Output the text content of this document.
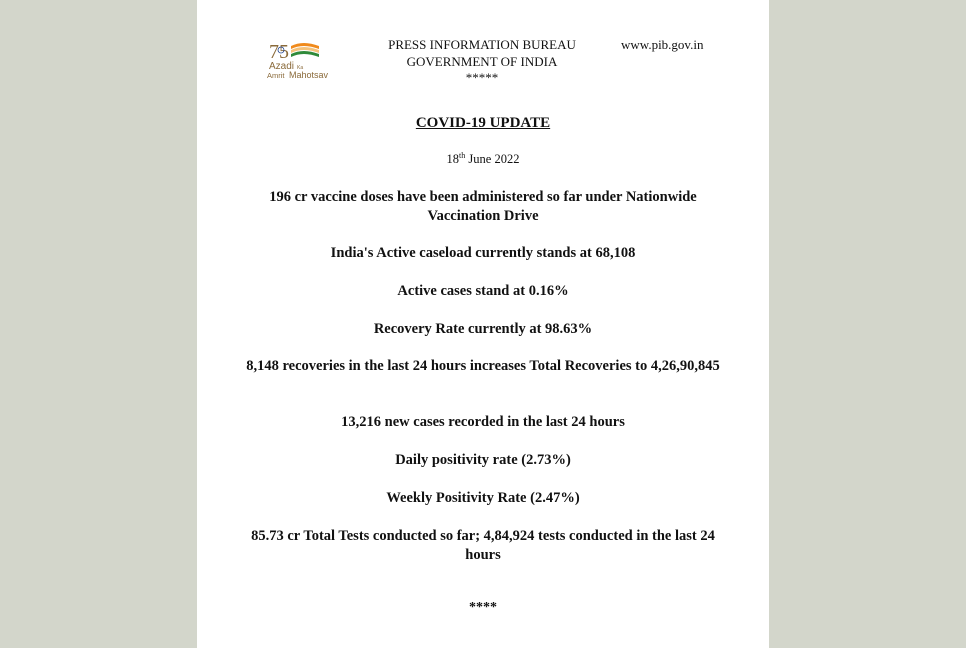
75
Azadi Ka
Amrit Mahotsav
PRESS INFORMATION BUREAU
GOVERNMENT OF INDIA
*****
www.pib.gov.in
COVID-19 UPDATE
18th June 2022
196 cr vaccine doses have been administered so far under Nationwide Vaccination Drive
India's Active caseload currently stands at 68,108
Active cases stand at 0.16%
Recovery Rate currently at 98.63%
8,148 recoveries in the last 24 hours increases Total Recoveries to 4,26,90,845
13,216 new cases recorded in the last 24 hours
Daily positivity rate (2.73%)
Weekly Positivity Rate (2.47%)
85.73 cr Total Tests conducted so far; 4,84,924 tests conducted in the last 24 hours
****
